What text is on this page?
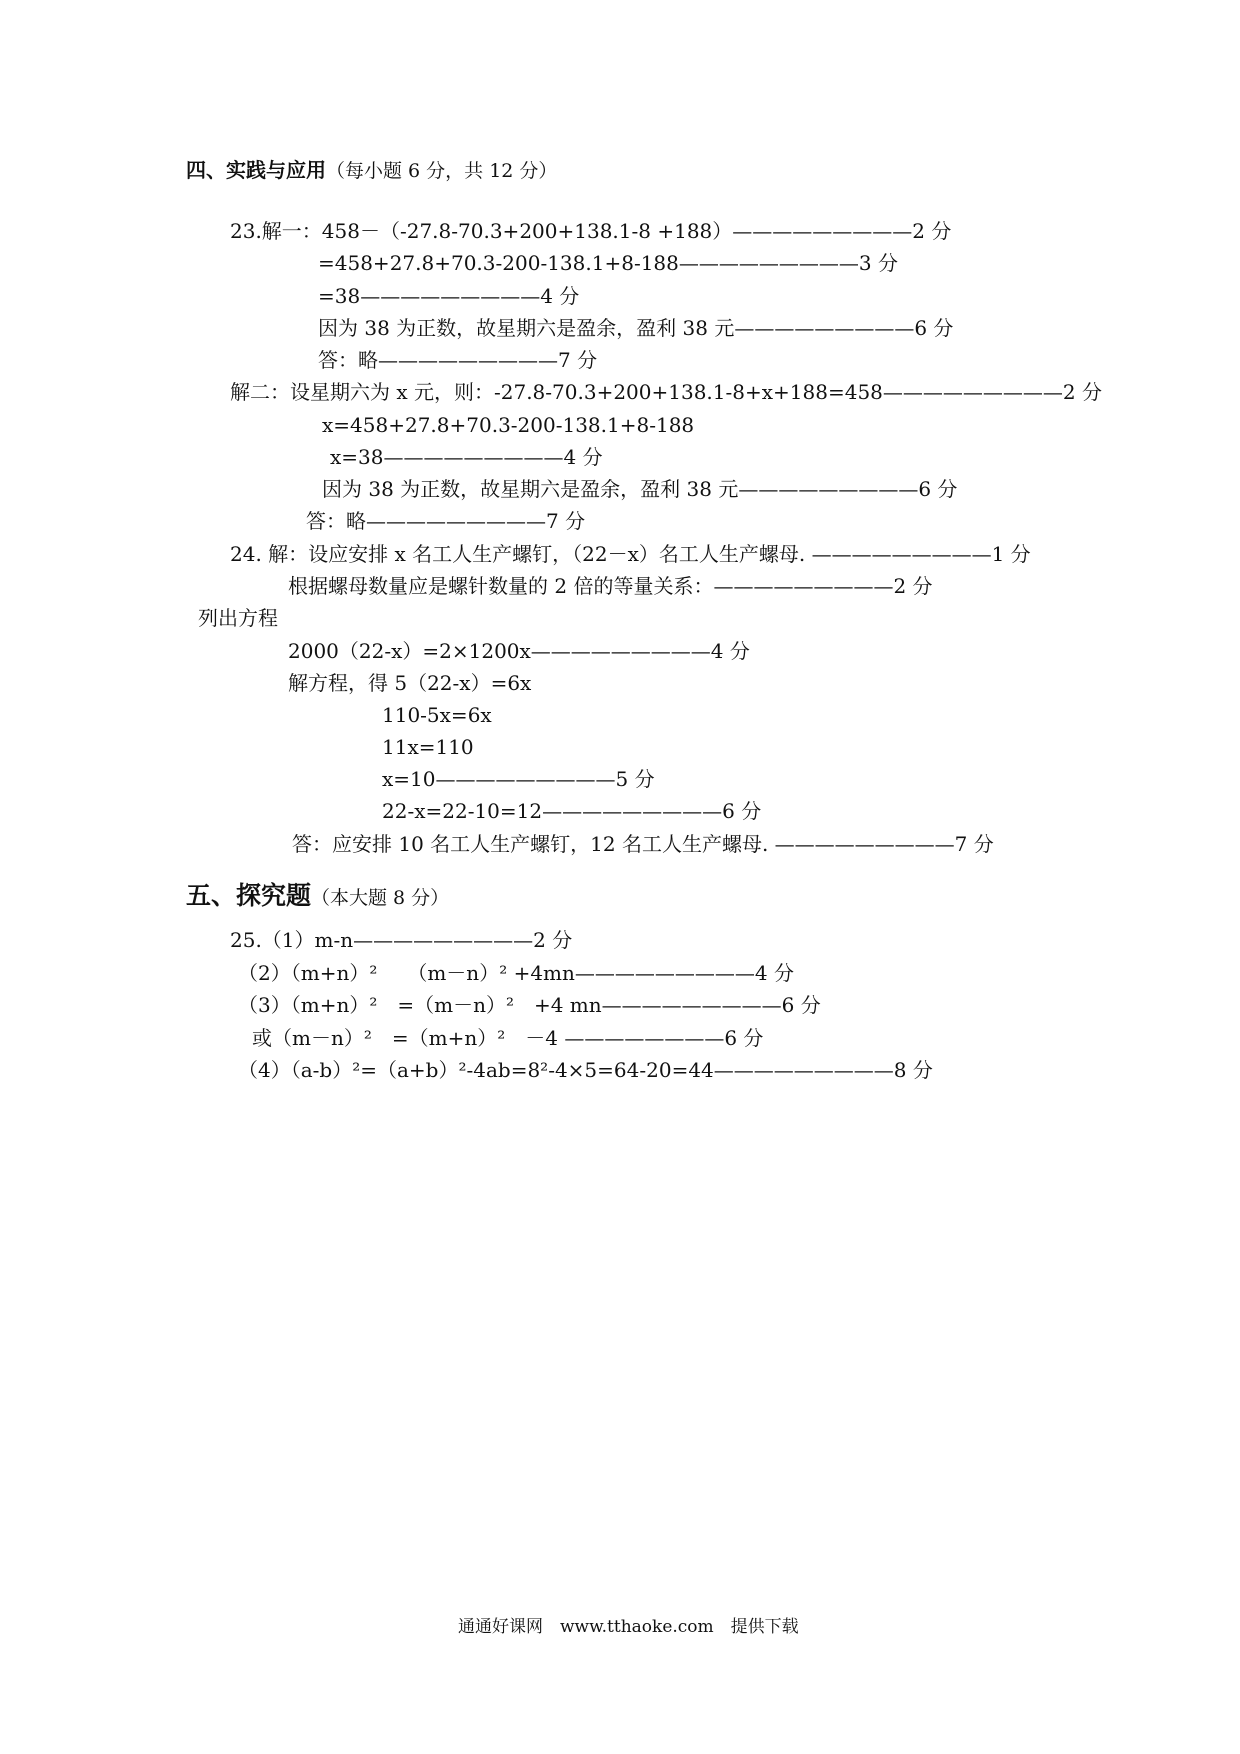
四、实践与应用（每小题 6 分，共 12 分）
23.解一：458－（-27.8-70.3+200+138.1-8 +188）—————————2 分
=458+27.8+70.3-200-138.1+8-188—————————3 分
=38—————————4 分
因为 38 为正数，故星期六是盈余，盈利 38 元—————————6 分
答：略—————————7 分
解二：设星期六为 x 元，则：-27.8-70.3+200+138.1-8+x+188=458—————————2 分
x=458+27.8+70.3-200-138.1+8-188
x=38—————————4 分
因为 38 为正数，故星期六是盈余，盈利 38 元—————————6 分
答：略—————————7 分
24. 解：设应安排 x 名工人生产螺钉，（22－x）名工人生产螺母. —————————1 分
根据螺母数量应是螺针数量的 2 倍的等量关系：—————————2 分
列出方程
2000（22-x）=2×1200x—————————4 分
解方程，得 5（22-x）=6x
110-5x=6x
11x=110
x=10—————————5 分
22-x=22-10=12—————————6 分
答：应安排 10 名工人生产螺钉，12 名工人生产螺母. —————————7 分
五、探究题（本大题 8 分）
25.（1）m-n—————————2 分
（2）（m+n）²　　（m－n）² +4mn—————————4 分
（3）（m+n）²　=（m－n）²　+4 mn—————————6 分
或（m－n）²　=（m+n）²　－4 ————————6 分
（4）（a-b）²=（a+b）²-4ab=8²-4×5=64-20=44—————————8 分
通通好课网　www.tthaoke.com　提供下载
